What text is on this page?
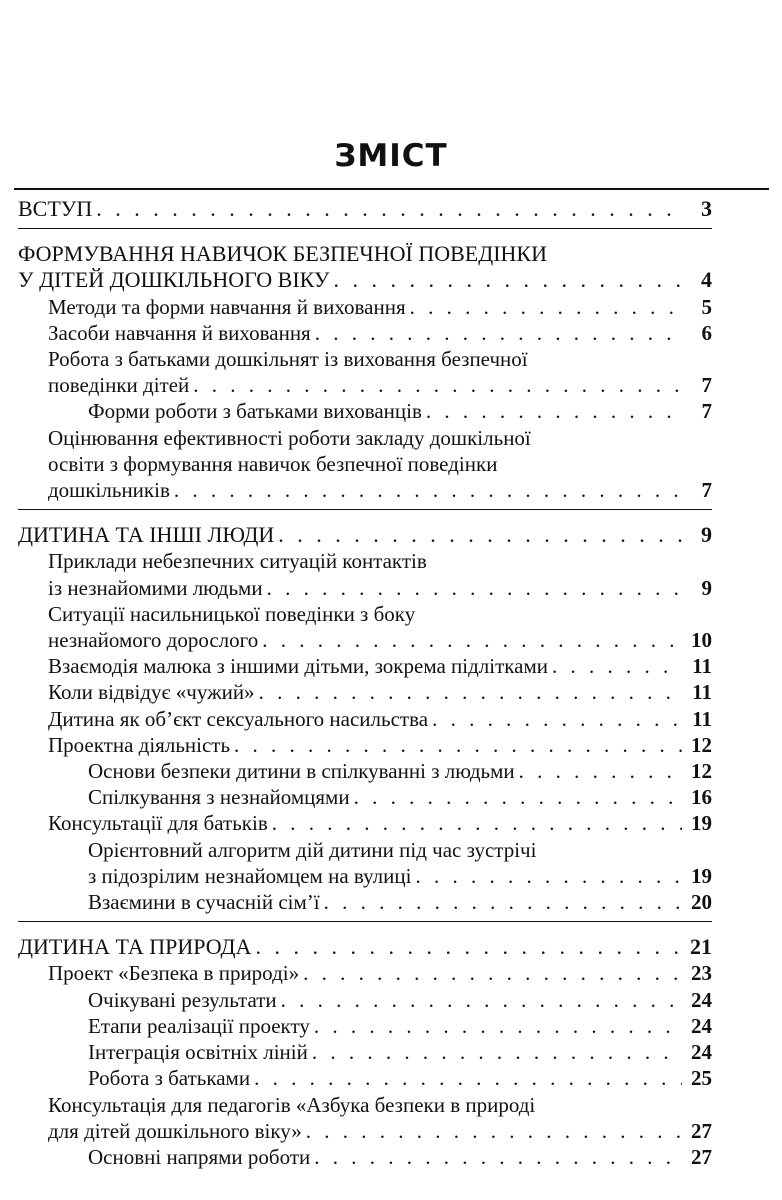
ЗМІСТ
ВСТУП . . .	3
ФОРМУВАННЯ НАВИЧОК БЕЗПЕЧНОЇ ПОВЕДІНКИ
У ДІТЕЙ ДОШКІЛЬНОГО ВІКУ . . .	4
Методи та форми навчання й виховання . . .	5
Засоби навчання й виховання . . .	6
Робота з батьками дошкільнят із виховання безпечної
поведінки дітей . . .	7
Форми роботи з батьками вихованців . . .	7
Оцінювання ефективності роботи закладу дошкільної
освіти з формування навичок безпечної поведінки
дошкільників . . .	7
ДИТИНА ТА ІНШІ ЛЮДИ . . .	9
Приклади небезпечних ситуацій контактів
із незнайомими людьми . . .	9
Ситуації насильницької поведінки з боку
незнайомого дорослого . . .	10
Взаємодія малюка з іншими дітьми, зокрема підлітками . . .	11
Коли відвідує «чужий» . . .	11
Дитина як об’єкт сексуального насильства . . .	11
Проектна діяльність . . .	12
Основи безпеки дитини в спілкуванні з людьми . . .	12
Спілкування з незнайомцями . . .	16
Консультації для батьків . . .	19
Орієнтовний алгоритм дій дитини під час зустрічі
з підозрілим незнайомцем на вулиці . . .	19
Взаємини в сучасній сім’ї . . .	20
ДИТИНА ТА ПРИРОДА . . .	21
Проект «Безпека в природі» . . .	23
Очікувані результати . . .	24
Етапи реалізації проекту . . .	24
Інтеграція освітніх ліній . . .	24
Робота з батьками . . .	25
Консультація для педагогів «Азбука безпеки в природі
для дітей дошкільного віку» . . .	27
Основні напрями роботи . . .	27
